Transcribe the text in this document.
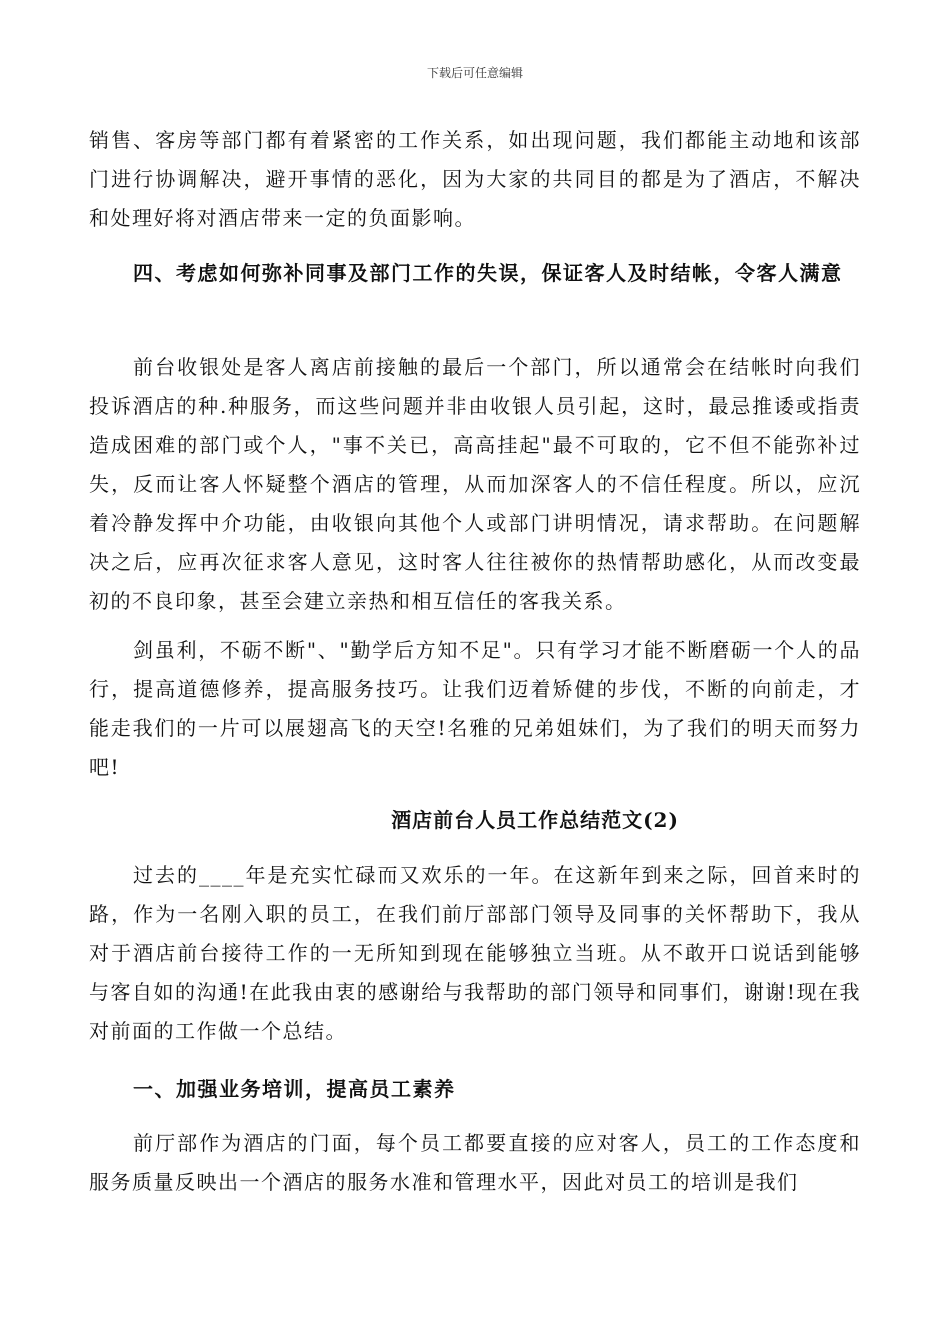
下载后可任意编辑

销售、客房等部门都有着紧密的工作关系，如出现问题，我们都能主动地和该部门进行协调解决，避开事情的恶化，因为大家的共同目的都是为了酒店，不解决和处理好将对酒店带来一定的负面影响。

四、考虑如何弥补同事及部门工作的失误，保证客人及时结帐，令客人满意

前台收银处是客人离店前接触的最后一个部门，所以通常会在结帐时向我们投诉酒店的种.种服务，而这些问题并非由收银人员引起，这时，最忌推诿或指责造成困难的部门或个人，"事不关已，高高挂起"最不可取的，它不但不能弥补过失，反而让客人怀疑整个酒店的管理，从而加深客人的不信任程度。所以，应沉着冷静发挥中介功能，由收银向其他个人或部门讲明情况，请求帮助。在问题解决之后，应再次征求客人意见，这时客人往往被你的热情帮助感化，从而改变最初的不良印象，甚至会建立亲热和相互信任的客我关系。

剑虽利，不砺不断"、"勤学后方知不足"。只有学习才能不断磨砺一个人的品行，提高道德修养，提高服务技巧。让我们迈着矫健的步伐，不断的向前走，才能走我们的一片可以展翅高飞的天空!名雅的兄弟姐妹们，为了我们的明天而努力吧!

酒店前台人员工作总结范文(2)

过去的____年是充实忙碌而又欢乐的一年。在这新年到来之际，回首来时的路，作为一名刚入职的员工，在我们前厅部部门领导及同事的关怀帮助下，我从对于酒店前台接待工作的一无所知到现在能够独立当班。从不敢开口说话到能够与客自如的沟通!在此我由衷的感谢给与我帮助的部门领导和同事们，谢谢!现在我对前面的工作做一个总结。

一、加强业务培训，提高员工素养

前厅部作为酒店的门面，每个员工都要直接的应对客人，员工的工作态度和服务质量反映出一个酒店的服务水准和管理水平，因此对员工的培训是我们
